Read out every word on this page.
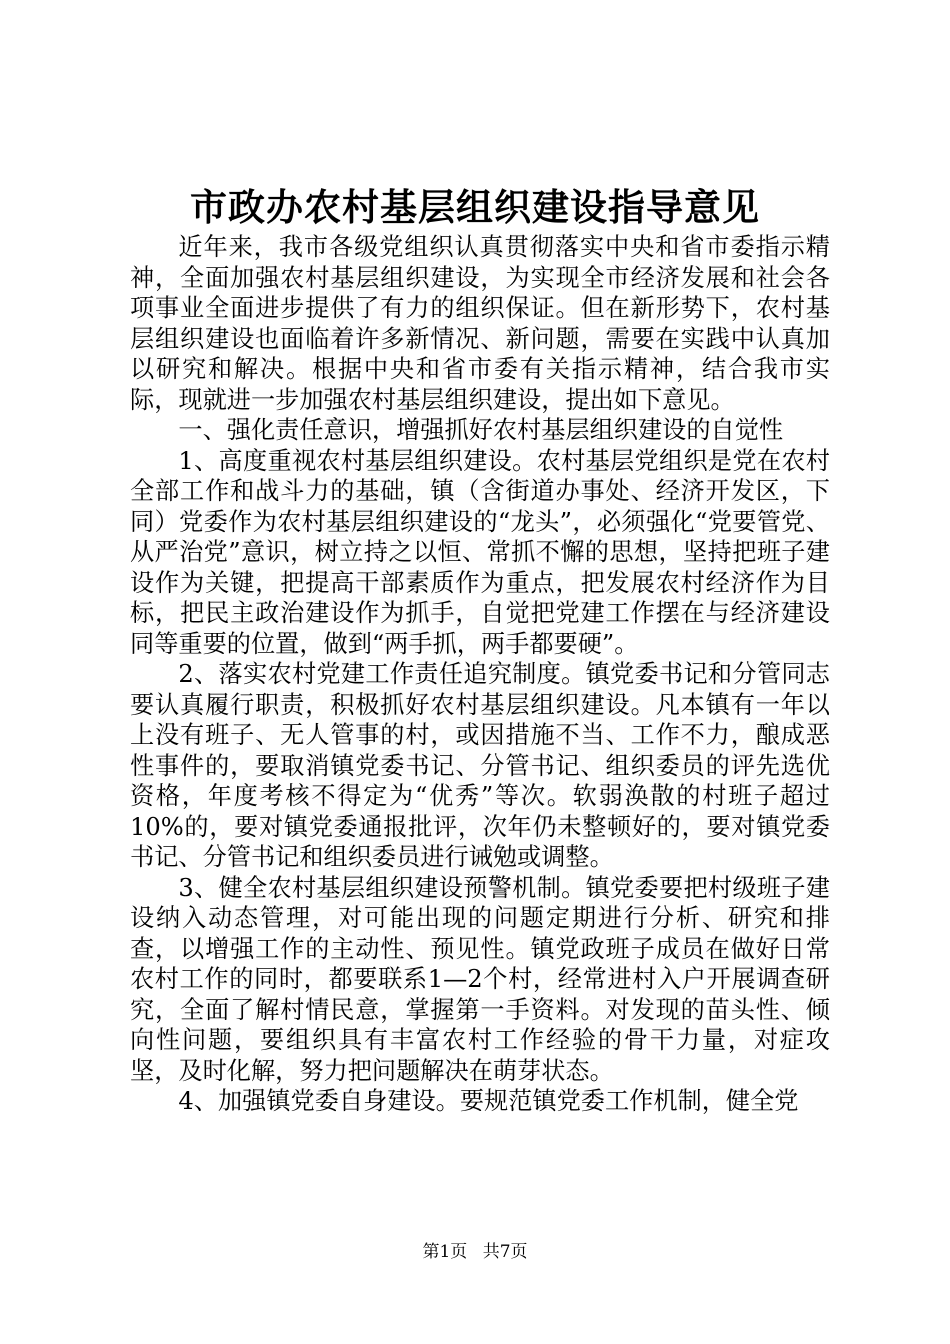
市政办农村基层组织建设指导意见

近年来，我市各级党组织认真贯彻落实中央和省市委指示精神，全面加强农村基层组织建设，为实现全市经济发展和社会各项事业全面进步提供了有力的组织保证。但在新形势下，农村基层组织建设也面临着许多新情况、新问题，需要在实践中认真加以研究和解决。根据中央和省市委有关指示精神，结合我市实际，现就进一步加强农村基层组织建设，提出如下意见。

一、强化责任意识，增强抓好农村基层组织建设的自觉性

1、高度重视农村基层组织建设。农村基层党组织是党在农村全部工作和战斗力的基础，镇（含街道办事处、经济开发区，下同）党委作为农村基层组织建设的“龙头”，必须强化“党要管党、从严治党”意识，树立持之以恒、常抓不懈的思想，坚持把班子建设作为关键，把提高干部素质作为重点，把发展农村经济作为目标，把民主政治建设作为抓手，自觉把党建工作摆在与经济建设同等重要的位置，做到“两手抓，两手都要硬”。

2、落实农村党建工作责任追究制度。镇党委书记和分管同志要认真履行职责，积极抓好农村基层组织建设。凡本镇有一年以上没有班子、无人管事的村，或因措施不当、工作不力，酿成恶性事件的，要取消镇党委书记、分管书记、组织委员的评先选优资格，年度考核不得定为“优秀”等次。软弱涣散的村班子超过10%的，要对镇党委通报批评，次年仍未整顿好的，要对镇党委书记、分管书记和组织委员进行诫勉或调整。

3、健全农村基层组织建设预警机制。镇党委要把村级班子建设纳入动态管理，对可能出现的问题定期进行分析、研究和排查，以增强工作的主动性、预见性。镇党政班子成员在做好日常农村工作的同时，都要联系1—2个村，经常进村入户开展调查研究，全面了解村情民意，掌握第一手资料。对发现的苗头性、倾向性问题，要组织具有丰富农村工作经验的骨干力量，对症攻坚，及时化解，努力把问题解决在萌芽状态。

4、加强镇党委自身建设。要规范镇党委工作机制，健全党

第1页 共7页
